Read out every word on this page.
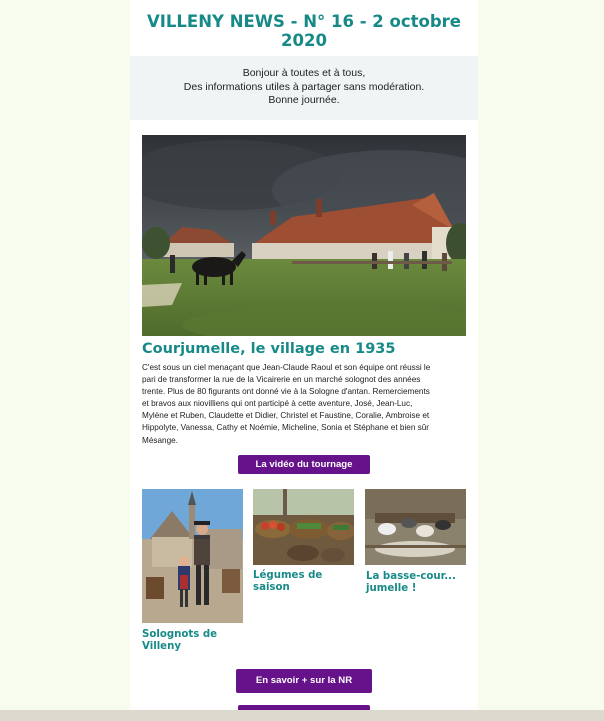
VILLENY NEWS - N° 16 - 2 octobre
2020
Bonjour à toutes et à tous,
Des informations utiles à partager sans modération.
Bonne journée.
Courjumelle, le village en 1935
C'est sous un ciel menaçant que Jean-Claude Raoul et son équipe ont réussi le
pari de transformer la rue de la Vicairerie en un marché solognot des années
trente. Plus de 80 figurants ont donné vie à la Sologne d'antan. Remerciements
et bravos aux niovilliens qui ont participé à cette aventure, José, Jean-Luc,
Mylène et Ruben, Claudette et Didier, Christel et Faustine, Coralie, Ambroise et
Hippolyte, Vanessa, Cathy et Noémie, Micheline, Sonia et Stéphane et bien sûr
Mésange.
La vidéo du tournage
Solognots de
Villeny
Légumes de
saison
La basse-cour...
jumelle !
En savoir + sur la NR
